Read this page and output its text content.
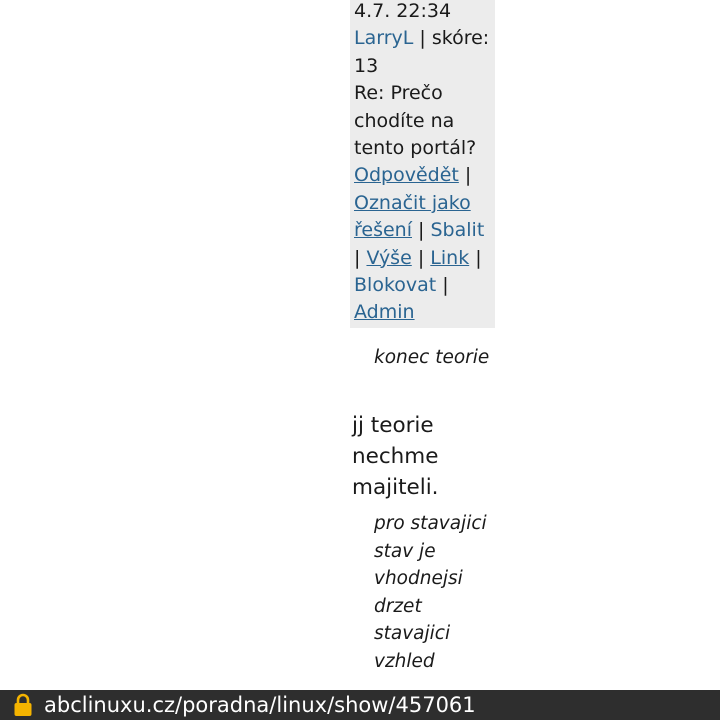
4.7. 22:34
LarryL | skóre:
13
Re: Prečo chodíte na tento portál?
Odpovědět | Označit jako řešení | Sbalit | Výše | Link | Blokovat | Admin
konec teorie
jj teorie nechme majiteli.
pro stavajici stav je vhodnejsi drzet stavajici vzhled
abclinuxu.cz/poradna/linux/show/457061
